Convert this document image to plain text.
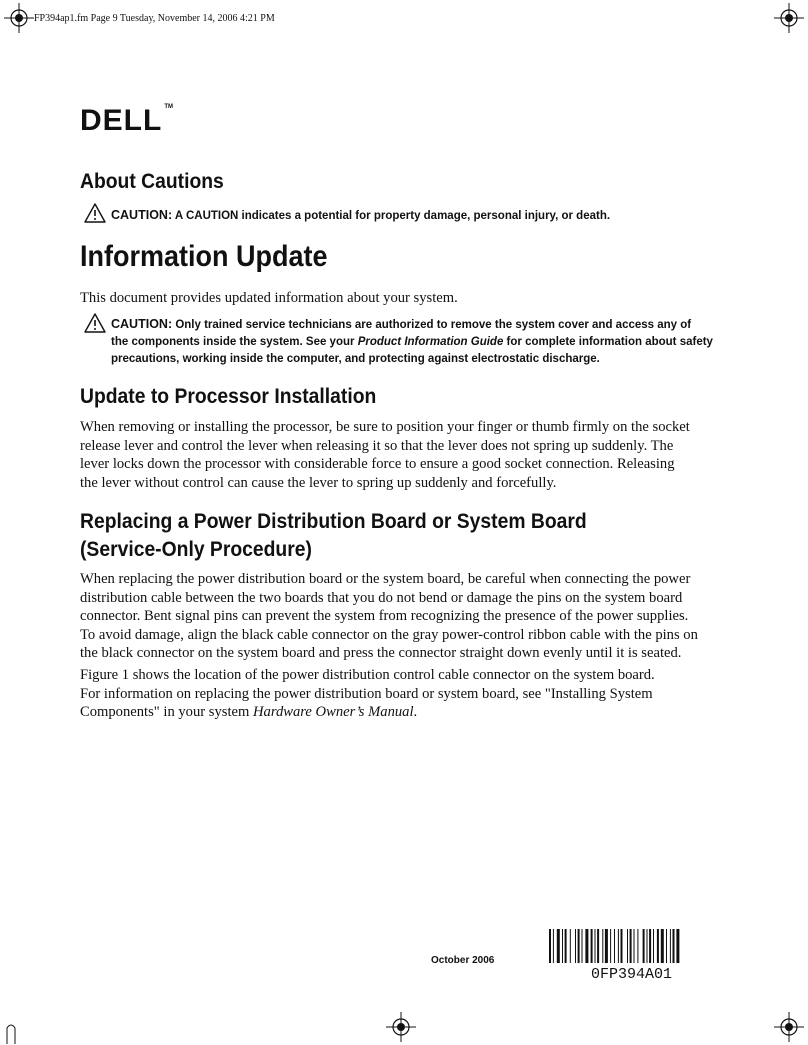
FP394ap1.fm Page 9 Tuesday, November 14, 2006 4:21 PM
DELL ™
About Cautions
CAUTION: A CAUTION indicates a potential for property damage, personal injury, or death.
Information Update

This document provides updated information about your system.

CAUTION: Only trained service technicians are authorized to remove the system cover and access any of
the components inside the system. See your Product Information Guide for complete information about safety
precautions, working inside the computer, and protecting against electrostatic discharge.
Update to Processor Installation

When removing or installing the processor, be sure to position your finger or thumb firmly on the socket

release lever and control the lever when releasing it so that the lever does not spring up suddenly. The

lever locks down the processor with considerable force to ensure a good socket connection. Releasing

the lever without control can cause the lever to spring up suddenly and forcefully.

Replacing a Power Distribution Board or System Board
(Service-Only Procedure)

When replacing the power distribution board or the system board, be careful when connecting the power

distribution cable between the two boards that you do not bend or damage the pins on the system board

connector. Bent signal pins can prevent the system from recognizing the presence of the power supplies.

To avoid damage, align the black cable connector on the gray power-control ribbon cable with the pins on

the black connector on the system board and press the connector straight down evenly until it is seated.

Figure 1 shows the location of the power distribution control cable connector on the system board.

For information on replacing the power distribution board or system board, see "Installing System

Components" in your system Hardware Owner’s Manual.

October 2006
0FP394A01
